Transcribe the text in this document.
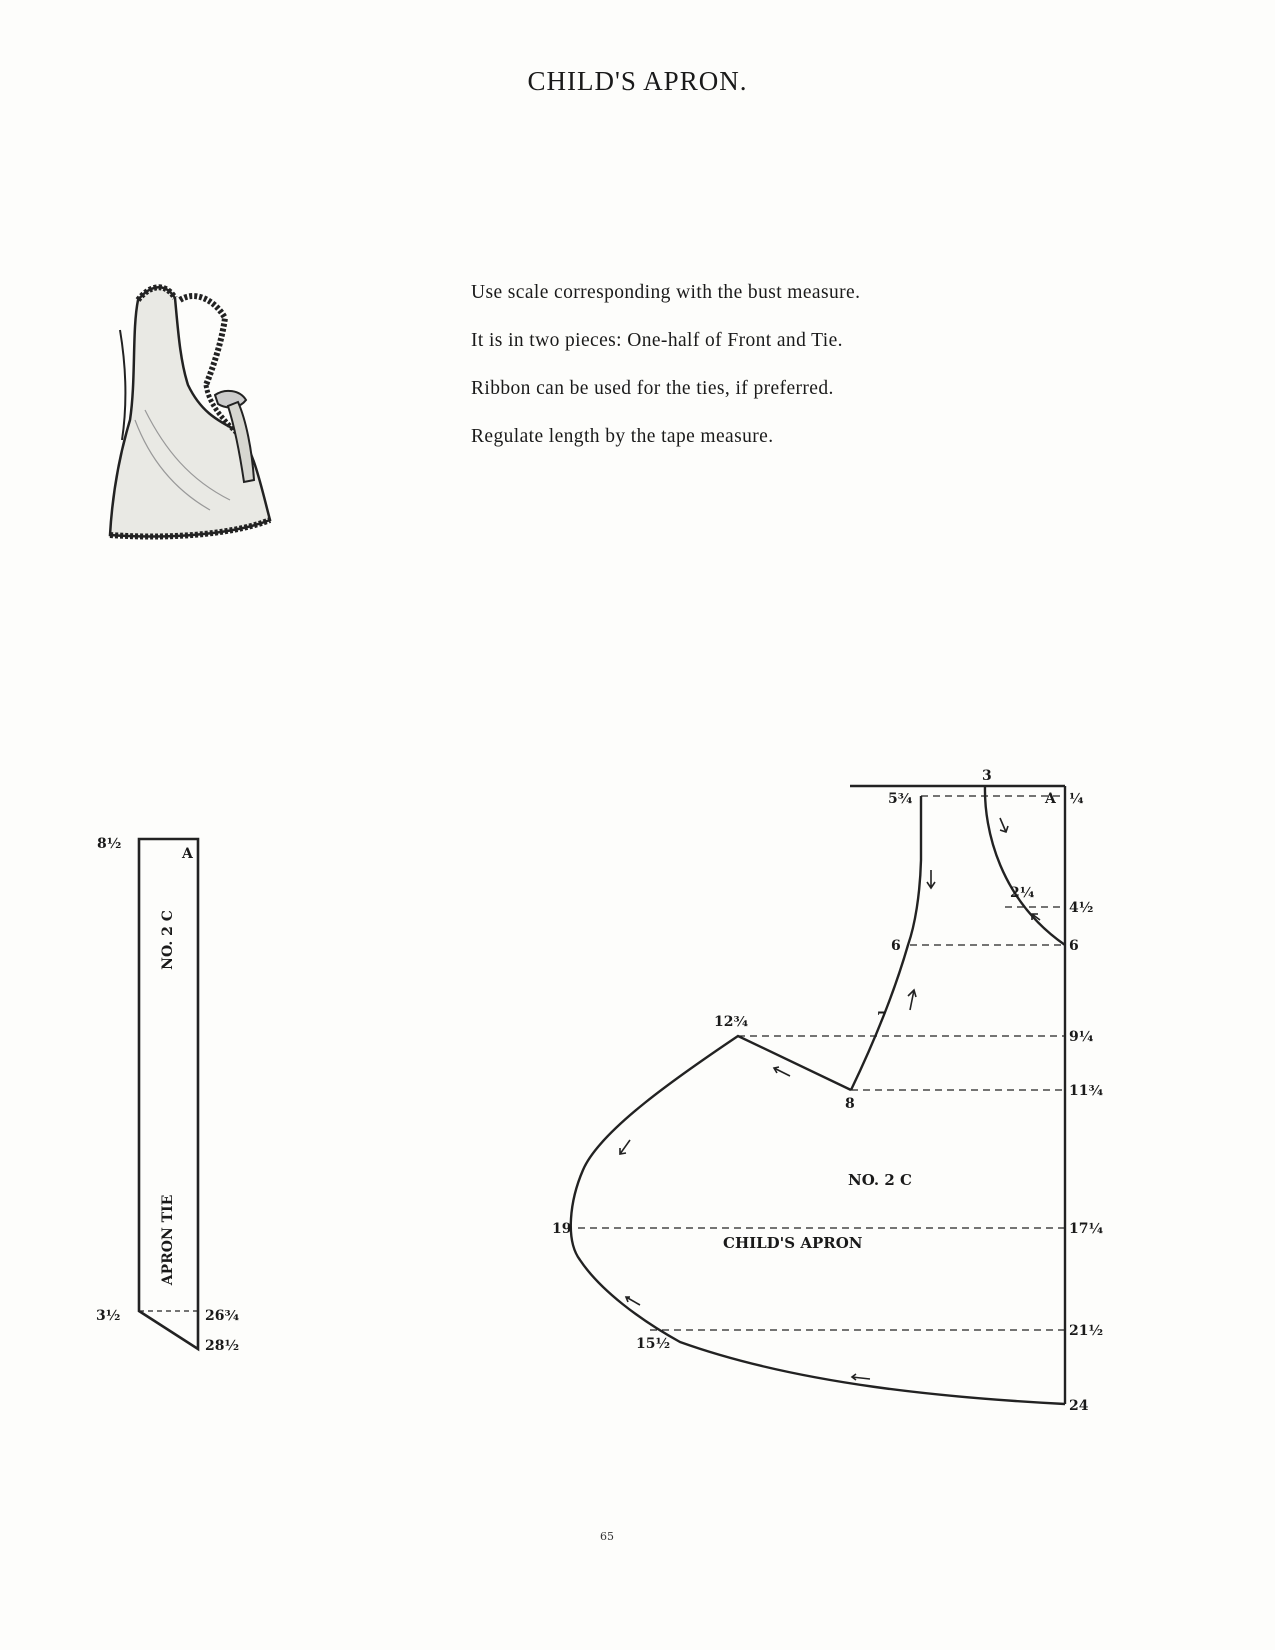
CHILD'S APRON.

Use scale corresponding with the bust measure.

It is in two pieces: One-half of Front and Tie.

Ribbon can be used for the ties, if preferred.

Regulate length by the tape measure.

8½
A
NO. 2 C
APRON TIE
3½	26¾
28½
3
5¾	A ¼
2¼
4½
6	6
7
12¾
9¼
8
11¾
NO. 2 C
19	17¼
CHILD'S APRON
21½
15½
24
65
